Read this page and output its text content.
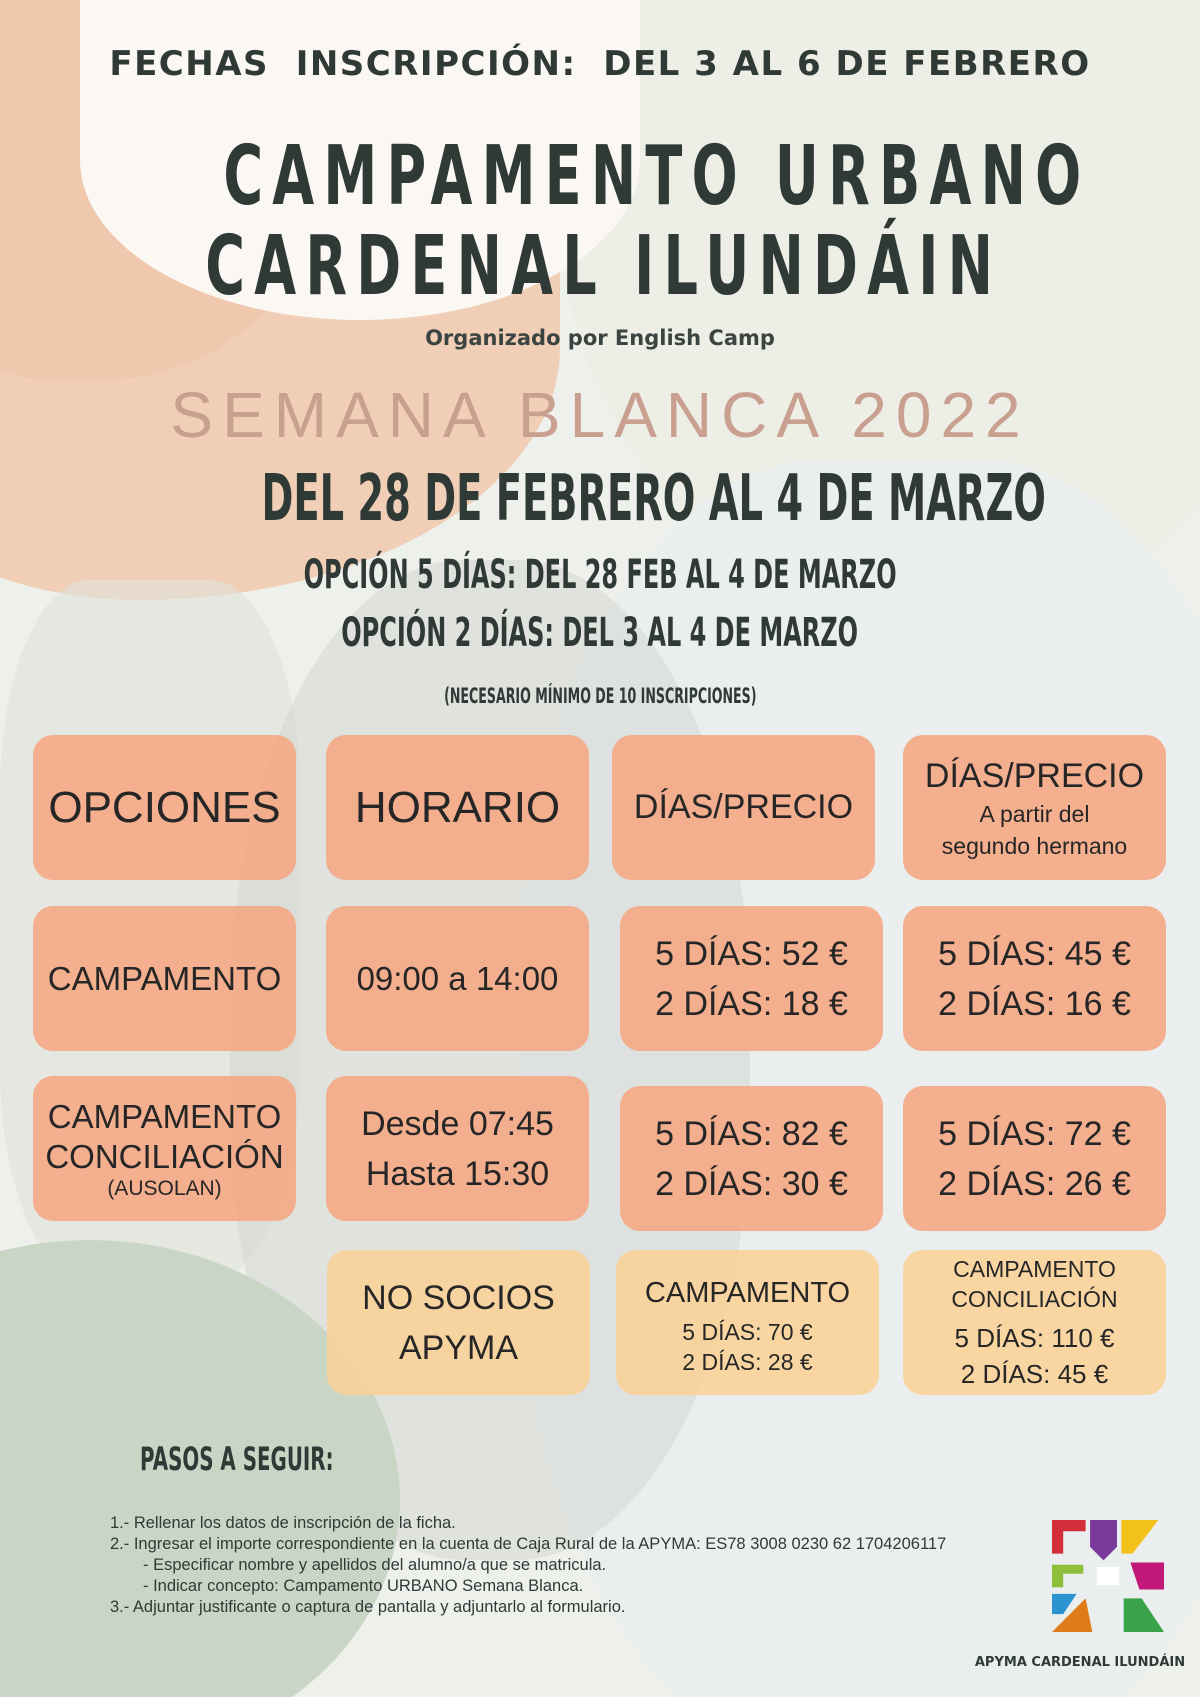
FECHAS  INSCRIPCIÓN:  DEL 3 AL 6 DE FEBRERO
CAMPAMENTO URBANO
CARDENAL ILUNDÁIN
Organizado por English Camp
SEMANA BLANCA 2022
DEL 28 DE FEBRERO AL 4 DE MARZO
OPCIÓN 5 DÍAS: DEL 28 FEB AL 4 DE MARZO
OPCIÓN 2 DÍAS: DEL 3 AL 4 DE MARZO
(NECESARIO MÍNIMO DE 10 INSCRIPCIONES)
OPCIONES HORARIO DÍAS/PRECIO
DÍAS/PRECIO
A partir del
segundo hermano
CAMPAMENTO 09:00 a 14:00
5 DÍAS: 52 €
2 DÍAS: 18 €
5 DÍAS: 45 €
2 DÍAS: 16 €
CAMPAMENTO
CONCILIACIÓN
(AUSOLAN)
Desde 07:45
Hasta 15:30
5 DÍAS: 82 €
2 DÍAS: 30 €
5 DÍAS: 72 €
2 DÍAS: 26 €
NO SOCIOS
APYMA
CAMPAMENTO
5 DÍAS: 70 €
2 DÍAS: 28 €
CAMPAMENTO
CONCILIACIÓN
5 DÍAS: 110 €
2 DÍAS: 45 €
PASOS A SEGUIR:
1.- Rellenar los datos de inscripción de la ficha.
2.- Ingresar el importe correspondiente en la cuenta de Caja Rural de la APYMA: ES78 3008 0230 62 1704206117
- Especificar nombre y apellidos del alumno/a que se matricula.
- Indicar concepto: Campamento URBANO Semana Blanca.
3.- Adjuntar justificante o captura de pantalla y adjuntarlo al formulario.
APYMA CARDENAL ILUNDÁIN
